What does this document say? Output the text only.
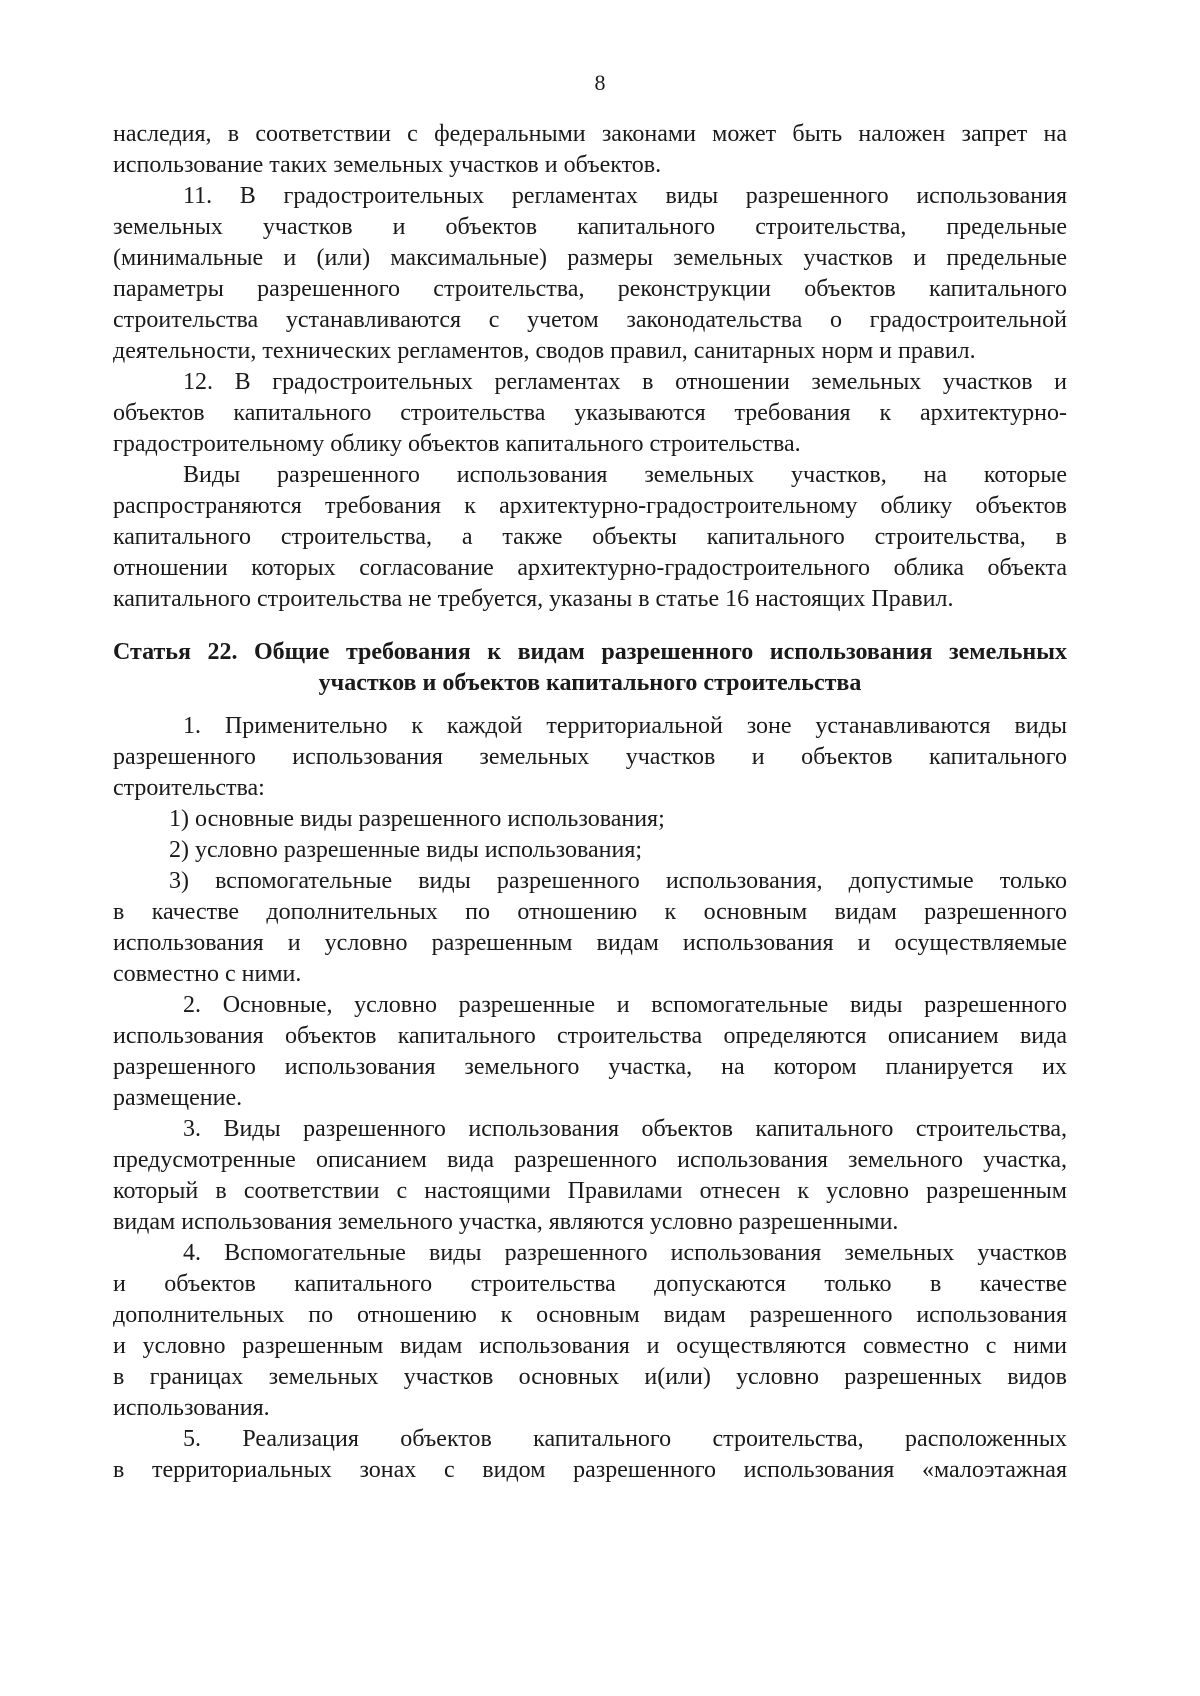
8
наследия, в соответствии с федеральными законами может быть наложен запрет на
использование таких земельных участков и объектов.
11. В градостроительных регламентах виды разрешенного использования
земельных участков и объектов капитального строительства, предельные
(минимальные и (или) максимальные) размеры земельных участков и предельные
параметры разрешенного строительства, реконструкции объектов капитального
строительства устанавливаются с учетом законодательства о градостроительной
деятельности, технических регламентов, сводов правил, санитарных норм и правил.
12. В градостроительных регламентах в отношении земельных участков и
объектов капитального строительства указываются требования к архитектурно-
градостроительному облику объектов капитального строительства.
Виды разрешенного использования земельных участков, на которые
распространяются требования к архитектурно-градостроительному облику объектов
капитального строительства, а также объекты капитального строительства, в
отношении которых согласование архитектурно-градостроительного облика объекта
капитального строительства не требуется, указаны в статье 16 настоящих Правил.
Статья 22. Общие требования к видам разрешенного использования земельных
участков и объектов капитального строительства
1. Применительно к каждой территориальной зоне устанавливаются виды
разрешенного использования земельных участков и объектов капитального
строительства:
1) основные виды разрешенного использования;
2) условно разрешенные виды использования;
3) вспомогательные виды разрешенного использования, допустимые только
в качестве дополнительных по отношению к основным видам разрешенного
использования и условно разрешенным видам использования и осуществляемые
совместно с ними.
2. Основные, условно разрешенные и вспомогательные виды разрешенного
использования объектов капитального строительства определяются описанием вида
разрешенного использования земельного участка, на котором планируется их
размещение.
3. Виды разрешенного использования объектов капитального строительства,
предусмотренные описанием вида разрешенного использования земельного участка,
который в соответствии с настоящими Правилами отнесен к условно разрешенным
видам использования земельного участка, являются условно разрешенными.
4. Вспомогательные виды разрешенного использования земельных участков
и объектов капитального строительства допускаются только в качестве
дополнительных по отношению к основным видам разрешенного использования
и условно разрешенным видам использования и осуществляются совместно с ними
в границах земельных участков основных и(или) условно разрешенных видов
использования.
5. Реализация объектов капитального строительства, расположенных
в территориальных зонах с видом разрешенного использования «малоэтажная
